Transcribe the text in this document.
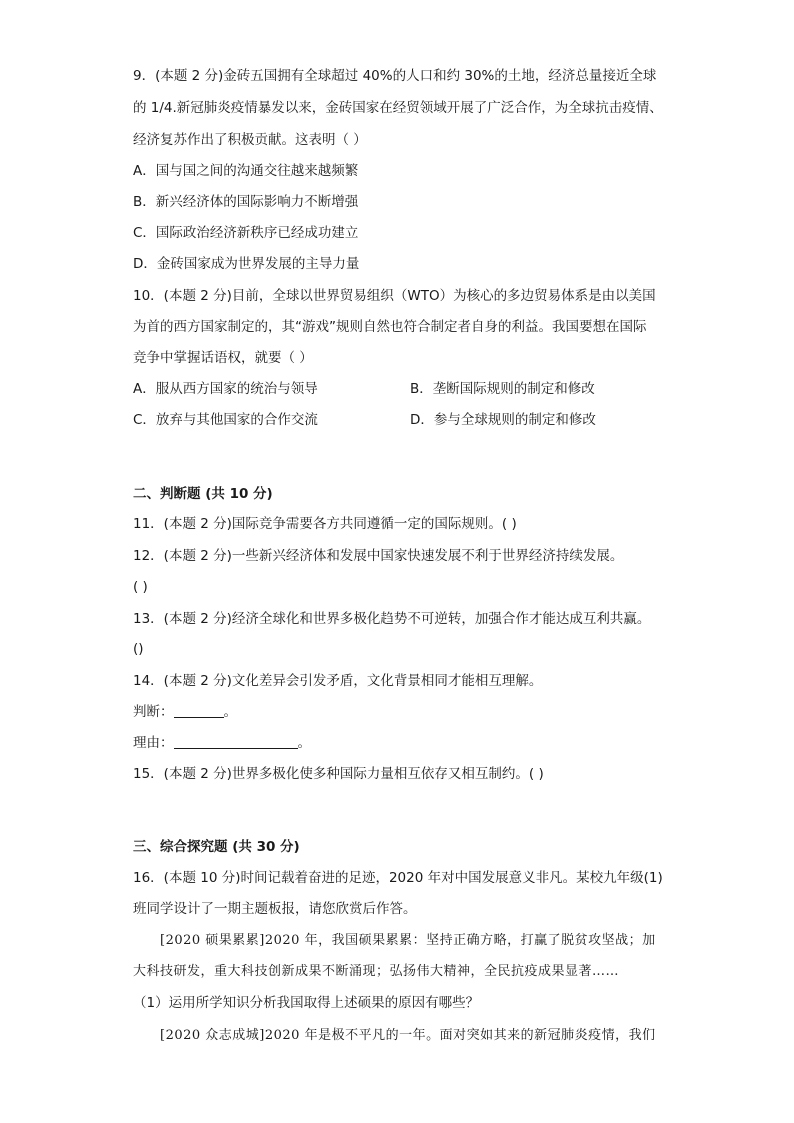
9．(本题 2 分)金砖五国拥有全球超过 40%的人口和约 30%的土地，经济总量接近全球
的 1/4.新冠肺炎疫情暴发以来，金砖国家在经贸领域开展了广泛合作，为全球抗击疫情、
经济复苏作出了积极贡献。这表明（ ）
A．国与国之间的沟通交往越来越频繁
B．新兴经济体的国际影响力不断增强
C．国际政治经济新秩序已经成功建立
D．金砖国家成为世界发展的主导力量
10．(本题 2 分)目前，全球以世界贸易组织（WTO）为核心的多边贸易体系是由以美国
为首的西方国家制定的，其“游戏”规则自然也符合制定者自身的利益。我国要想在国际
竞争中掌握话语权，就要（ ）
A．服从西方国家的统治与领导	B．垄断国际规则的制定和修改
C．放弃与其他国家的合作交流	D．参与全球规则的制定和修改
二、判断题 (共 10 分)
11．(本题 2 分)国际竞争需要各方共同遵循一定的国际规则。( )
12．(本题 2 分)一些新兴经济体和发展中国家快速发展不利于世界经济持续发展。
( )
13．(本题 2 分)经济全球化和世界多极化趋势不可逆转，加强合作才能达成互利共赢。
()
14．(本题 2 分)文化差异会引发矛盾，文化背景相同才能相互理解。
判断：	。
理由：	。
15．(本题 2 分)世界多极化使多种国际力量相互依存又相互制约。( )
三、综合探究题 (共 30 分)
16．(本题 10 分)时间记载着奋进的足迹，2020 年对中国发展意义非凡。某校九年级(1)
班同学设计了一期主题板报，请您欣赏后作答。
[2020 硕果累累]2020 年，我国硕果累累：坚持正确方略，打赢了脱贫攻坚战；加
大科技研发，重大科技创新成果不断涌现；弘扬伟大精神，全民抗疫成果显著……
（1）运用所学知识分析我国取得上述硕果的原因有哪些？
[2020 众志成城]2020 年是极不平凡的一年。面对突如其来的新冠肺炎疫情，我们
